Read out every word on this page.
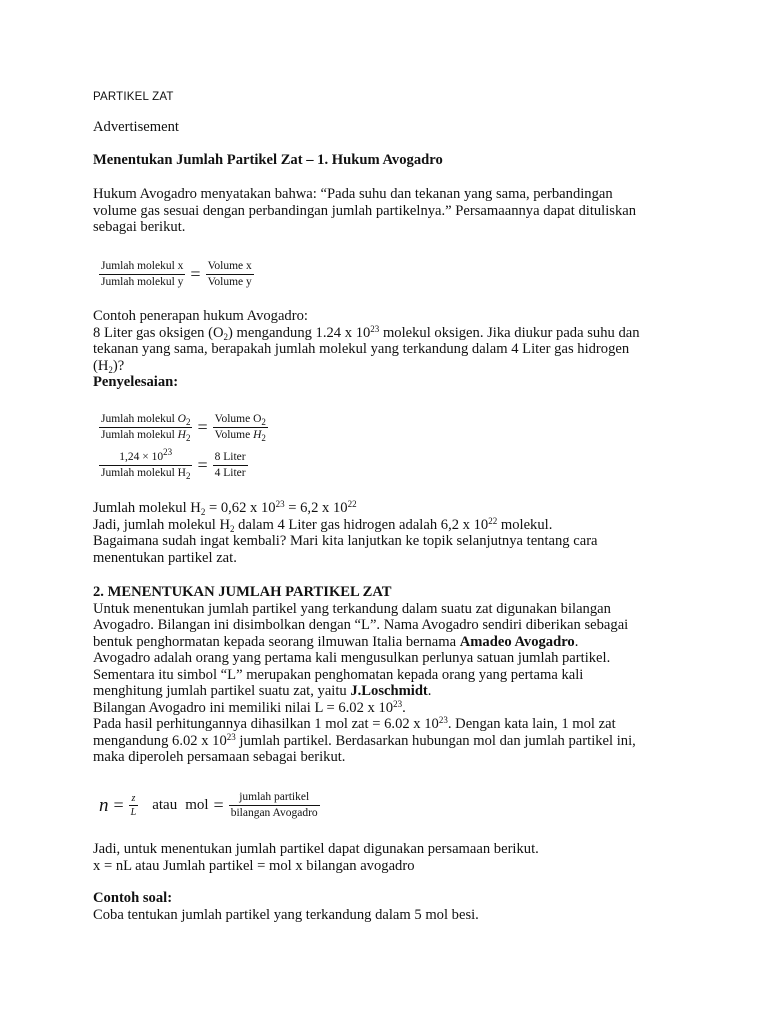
PARTIKEL ZAT
Advertisement
Menentukan Jumlah Partikel Zat – 1. Hukum Avogadro
Hukum Avogadro menyatakan bahwa: “Pada suhu dan tekanan yang sama, perbandingan
volume gas sesuai dengan perbandingan jumlah partikelnya.” Persamaannya dapat dituliskan
sebagai berikut.
$\frac{\text{Jumlah molekul x}}{\text{Jumlah molekul y}} = \frac{\text{Volume x}}{\text{Volume y}}$
Contoh penerapan hukum Avogadro:
8 Liter gas oksigen $(O_2)$ mengandung 1.24 x $10^{23}$ molekul oksigen. Jika diukur pada suhu dan
tekanan yang sama, berapakah jumlah molekul yang terkandung dalam 4 Liter gas hidrogen
$(H_2)$?
Penyelesaian:
$\frac{Jumlah molekul O_2}{Jumlah molekul H_2} = \frac{Volume O_2}{Volume H_2}$
$\frac{1,24 \times 10^{23}}{Jumlah molekul H_2} = \frac{\text{8 Liter}}{\text{4 Liter}}$
Jumlah molekul $H_2 = 0,62$ x $10^{23} = 6,2$ x $10^{22}$
Jadi, jumlah molekul $H_2$ dalam 4 Liter gas hidrogen adalah 6,2 x $10^{22}$ molekul.
Bagaimana sudah ingat kembali? Mari kita lanjutkan ke topik selanjutnya tentang cara
menentukan partikel zat.
2. MENENTUKAN JUMLAH PARTIKEL ZAT
Untuk menentukan jumlah partikel yang terkandung dalam suatu zat digunakan bilangan
Avogadro. Bilangan ini disimbolkan dengan “L”. Nama Avogadro sendiri diberikan sebagai
bentuk penghormatan kepada seorang ilmuwan Italia bernama Amadeo Avogadro.
Avogadro adalah orang yang pertama kali mengusulkan perlunya satuan jumlah partikel.
Sementara itu simbol “L” merupakan penghomatan kepada orang yang pertama kali
menghitung jumlah partikel suatu zat, yaitu J.Loschmidt.
Bilangan Avogadro ini memiliki nilai L = 6.02 x $10^{23}$.
Pada hasil perhitungannya dihasilkan 1 mol zat = 6.02 x $10^{23}$. Dengan kata lain, 1 mol zat
mengandung 6.02 x $10^{23}$ jumlah partikel. Berdasarkan hubungan mol dan jumlah partikel ini,
maka diperoleh persamaan sebagai berikut.
$n = \frac{z}{L}$ atau mol = $\frac{\text{jumlah partikel}}{\text{bilangan Avogadro}}$
Jadi, untuk menentukan jumlah partikel dapat digunakan persamaan berikut.
x = nL atau Jumlah partikel = mol x bilangan avogadro
Contoh soal:
Coba tentukan jumlah partikel yang terkandung dalam 5 mol besi.
